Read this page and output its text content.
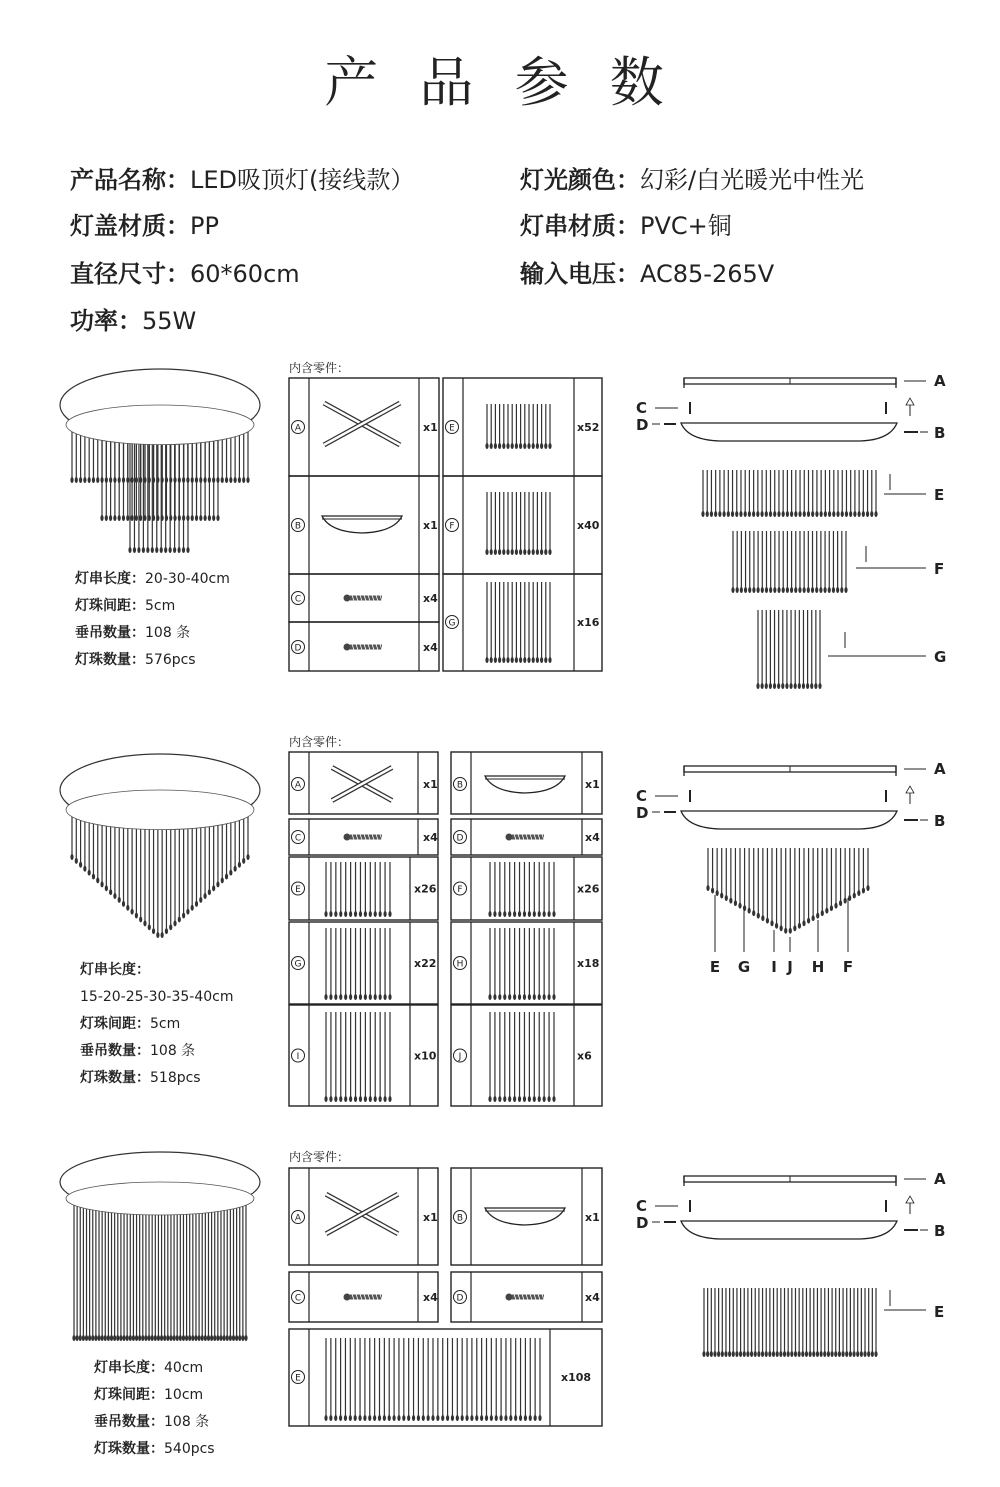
产 品 参 数
产品名称：LED吸顶灯(接线款）
灯盖材质：PP
直径尺寸：60*60cm
功率：55W
灯光颜色：幻彩/白光暖光中性光
灯串材质：PVC+铜
输入电压：AC85-265V
灯串长度：20-30-40cm
灯珠间距：5cm
垂吊数量：108 条
灯珠数量：576pcs
灯串长度：
15-20-25-30-35-40cm
灯珠间距：5cm
垂吊数量：108 条
灯珠数量：518pcs
灯串长度：40cm
灯珠间距：10cm
垂吊数量：108 条
灯珠数量：540pcs
内含零件：
内含零件：
内含零件：
A	x1
B	x1
C	x4
D	x4
E	x52
F	x40
G	x16
A	x1 B	x1
C	x4 D	x4
E	x26 F	x26
G	x22 H	x18
I	x10 J	x6
A	x1 B	x1
C	x4 D	x4
E	x108
A
C
D	B
E
F
G
A
C
D	B
E G I J H F
A
C
D	B
E
